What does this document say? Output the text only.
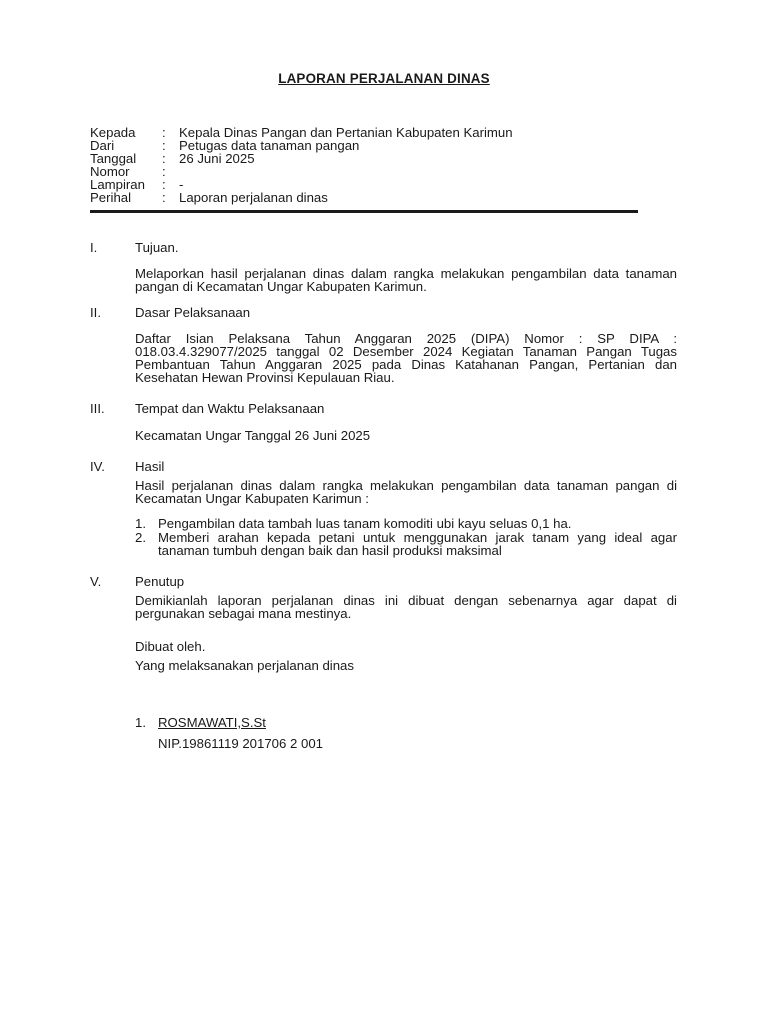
LAPORAN PERJALANAN DINAS
Kepada : Kepala Dinas Pangan dan Pertanian Kabupaten Karimun
Dari	: Petugas data tanaman pangan
Tanggal : 26 Juni 2025
Nomor :
Lampiran : -
Perihal : Laporan perjalanan dinas
I.	Tujuan.
Melaporkan hasil perjalanan dinas dalam rangka melakukan pengambilan data tanaman pangan di Kecamatan Ungar Kabupaten Karimun.
II.	Dasar Pelaksanaan
Daftar Isian Pelaksana Tahun Anggaran 2025 (DIPA) Nomor : SP DIPA : 018.03.4.329077/2025 tanggal 02 Desember 2024 Kegiatan Tanaman Pangan Tugas Pembantuan Tahun Anggaran 2025 pada Dinas Katahanan Pangan, Pertanian dan Kesehatan Hewan Provinsi Kepulauan Riau.
III. Tempat dan Waktu Pelaksanaan
Kecamatan Ungar Tanggal 26 Juni 2025
IV. Hasil
Hasil perjalanan dinas dalam rangka melakukan pengambilan data tanaman pangan di Kecamatan Ungar Kabupaten Karimun :
1. Pengambilan data tambah luas tanam komoditi ubi kayu seluas 0,1 ha.
2. Memberi arahan kepada petani untuk menggunakan jarak tanam yang ideal agar tanaman tumbuh dengan baik dan hasil produksi maksimal
V.	Penutup
Demikianlah laporan perjalanan dinas ini dibuat dengan sebenarnya agar dapat di pergunakan sebagai mana mestinya.
Dibuat oleh.
Yang melaksanakan perjalanan dinas
1. ROSMAWATI,S.St
NIP.19861119 201706 2 001
